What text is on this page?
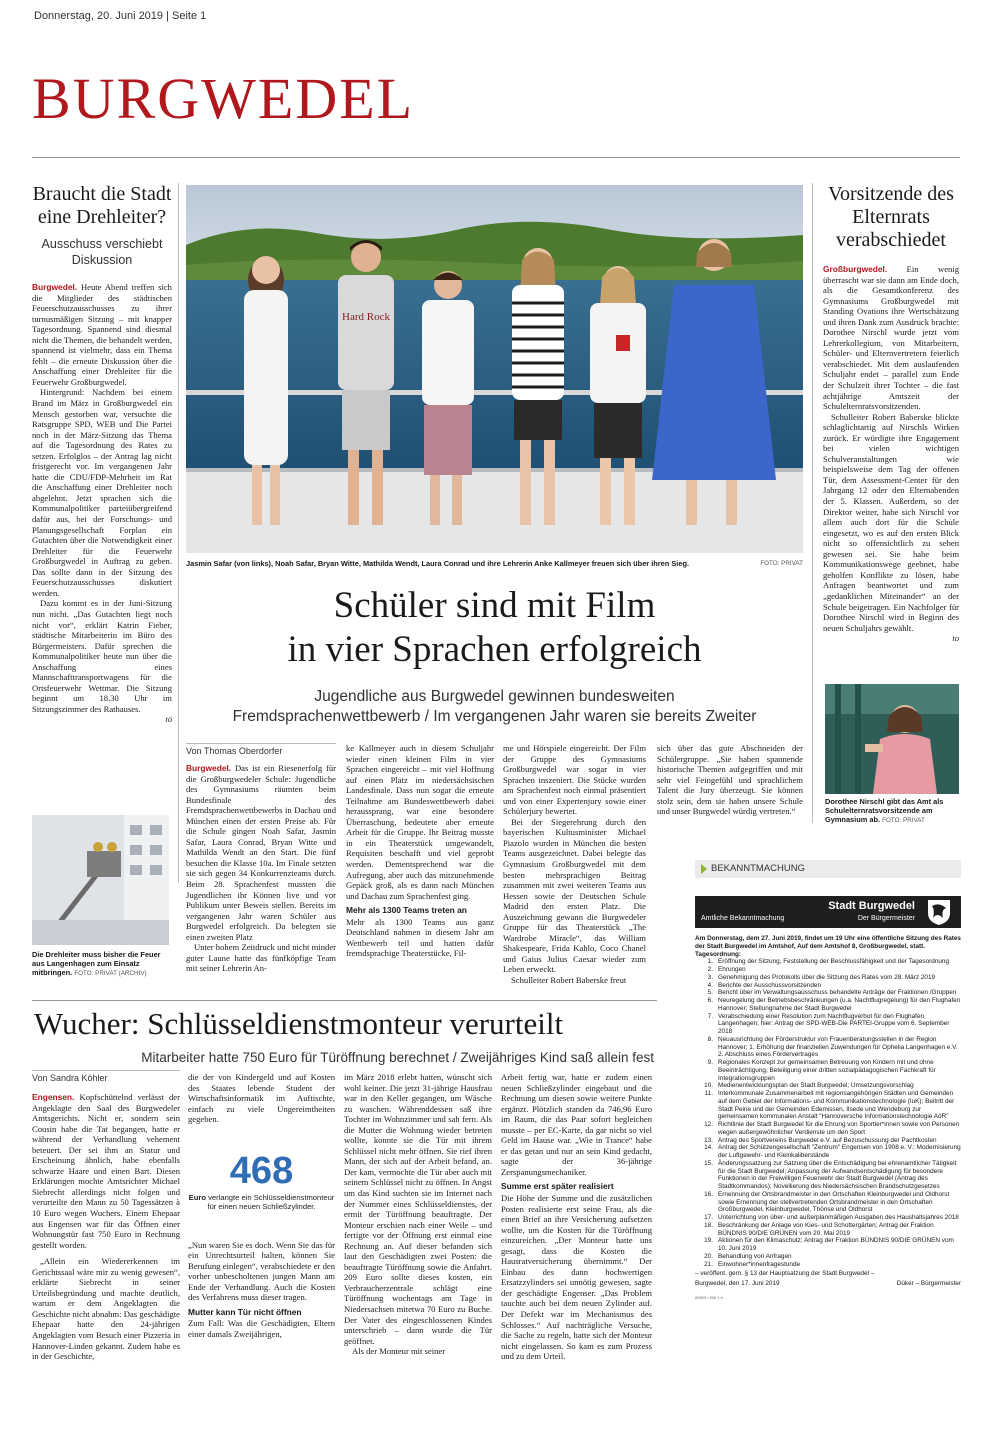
Donnerstag, 20. Juni 2019 | Seite 1
BURGWEDEL
Braucht die Stadt eine Drehleiter?
Ausschuss verschiebt Diskussion

Burgwedel. Heute Abend treffen sich die Mitglieder des städtischen Feuerschutzausschusses zu ihrer turnusmäßigen Sitzung – mit knapper Tagesordnung. Spannend sind diesmal nicht die Themen, die behandelt werden, spannend ist vielmehr, dass ein Thema fehlt – die erneute Diskussion über die Anschaffung einer Drehleiter für die Feuerwehr Großburgwedel.

Hintergrund: Nachdem bei einem Brand im März in Großburgwedel ein Mensch gestorben war, versuchte die Ratsgruppe SPD, WEB und Die Partei noch in der März-Sitzung das Thema auf die Tagesordnung des Rates zu setzen. Erfolglos – der Antrag lag nicht fristgerecht vor. Im vergangenen Jahr hatte die CDU/FDP-Mehrheit im Rat die Anschaffung einer Drehleiter noch abgelehnt. Jetzt sprachen sich die Kommunalpolitiker parteiübergreifend dafür aus, bei der Forschungs- und Planungsgesellschaft Forplan ein Gutachten über die Notwendigkeit einer Drehleiter für die Feuerwehr Großburgwedel in Auftrag zu geben. Das sollte dann in der Sitzung des Feuerschutzausschusses diskutiert werden.

Dazu kommt es in der Juni-Sitzung nun nicht. „Das Gutachten liegt noch nicht vor“, erklärt Katrin Fieber, städtische Mitarbeiterin im Büro des Bürgermeisters. Dafür sprechen die Kommunalpolitiker heute nun über die Anschaffung eines Mannschafttransportwagens für die Ortsfeuerwehr Wettmar. Die Sitzung beginnt um 18.30 Uhr im Sitzungszimmer des Rathauses.

tö
Die Drehleiter muss bisher die Feuer aus Langenhagen zum Einsatz mitbringen. FOTO: PRIVAT (ARCHIV)
Hard Rock
Jasmin Safar (von links), Noah Safar, Bryan Witte, Mathilda Wendt, Laura Conrad und ihre Lehrerin Anke Kallmeyer freuen sich über ihren Sieg.	FOTO: PRIVAT
Schüler sind mit Film
in vier Sprachen erfolgreich
Jugendliche aus Burgwedel gewinnen bundesweiten
Fremdsprachenwettbewerb / Im vergangenen Jahr waren sie bereits Zweiter
Von Thomas Oberdorfer

Burgwedel. Das ist ein Riesenerfolg für die Großburgwedeler Schule: Jugendliche des Gymnasiums räumten beim Bundesfinale des Fremdsprachenwettbewerbs in Dachau und München einen der ersten Preise ab. Für die Schule gingen Noah Safar, Jasmin Safar, Laura Conrad, Bryan Witte und Mathilda Wendt an den Start. Die fünf besuchen die Klasse 10a. Im Finale setzten sie sich gegen 34 Konkurrenzteams durch. Beim 28. Sprachenfest mussten die Jugendlichen ihr Können live und vor Publikum unter Beweis stellen. Bereits im vergangenen Jahr waren Schüler aus Burgwedel erfolgreich. Da belegten sie einen zweiten Platz

Unter hohem Zeitdruck und nicht minder guter Laune hatte das fünfköpfige Team mit seiner Lehrerin An-

ke Kallmeyer auch in diesem Schuljahr wieder einen kleinen Film in vier Sprachen eingereicht – mit viel Hoffnung auf einen Platz im niedersächsischen Landesfinale. Dass nun sogar die erneute Teilnahme am Bundeswettbewerb dabei heraussprang, war eine besondere Überraschung, bedeutete aber erneute Arbeit für die Gruppe. Ihr Beitrag musste in ein Theaterstück umgewandelt, Requisiten beschafft und viel geprobt werden. Dementsprechend war die Aufregung, aber auch das mitzunehmende Gepäck groß, als es dann nach München und Dachau zum Sprachenfest ging.

Mehr als 1300 Teams treten an

Mehr als 1300 Teams aus ganz Deutschland nahmen in diesem Jahr am Wettbewerb teil und hatten dafür fremdsprachige Theaterstücke, Fil-

me und Hörspiele eingereicht. Der Film der Gruppe des Gymnasiums Großburgwedel war sogar in vier Sprachen inszeniert. Die Stücke wurden am Sprachenfest noch einmal präsentiert und von einer Expertenjury sowie einer Schülerjury bewertet.

Bei der Siegerehrung durch den bayerischen Kultusminister Michael Piazolo wurden in München die besten Teams ausgezeichnet. Dabei belegte das Gymnasium Großburgwedel mit dem besten mehrsprachigen Beitrag zusammen mit zwei weiteren Teams aus Hessen sowie der Deutschen Schule Madrid den ersten Platz. Die Auszeichnung gewann die Burgwedeler Gruppe für das Theaterstück „The Wardrobe Miracle“, das William Shakespeare, Frida Kahlo, Coco Chanel und Gaius Julius Caesar wieder zum Leben erweckt.

Schulleiter Robert Baberske freut

sich über das gute Abschneiden der Schülergruppe. „Sie haben spannende historische Themen aufgegriffen und mit sehr viel Feingefühl und sprachlichem Talent die Jury überzeugt. Sie können stolz sein, dem sie haben unsere Schule und unser Burgwedel würdig vertreten.“

Vorsitzende des Elternrats verabschiedet

Großburgwedel. Ein wenig überrascht war sie dann am Ende doch, als die Gesamtkonferenz des Gymnasiums Großburgwedel mit Standing Ovations ihre Wertschätzung und ihren Dank zum Ausdruck brachte: Dorothee Nirschl wurde jetzt vom Lehrerkollegium, von Mitarbeitern, Schüler- und Elternvertretern feierlich verabschiedet. Mit dem auslaufenden Schuljahr endet – parallel zum Ende der Schulzeit ihrer Tochter – die fast achtjährige Amtszeit der Schulelternratsvorsitzenden.

Schulleiter Robert Baberske blickte schlaglichtartig auf Nirschls Wirken zurück. Er würdigte ihre Engagement bei vielen wichtigen Schulveranstaltungen wie beispielsweise dem Tag der offenen Tür, dem Assessment-Center für den Jahrgang 12 oder den Elternabenden der 5. Klassen. Außerdem, so der Direktor weiter, habe sich Nirschl vor allem auch dort für die Schule eingesetzt, wo es auf den ersten Blick nicht so offensichtlich zu sehen gewesen sei. Sie habe beim Kommunikationswege geebnet, habe geholfen Konflikte zu lösen, habe Anfragen beantwortet und zum „gedanklichen Miteinander“ an der Schule beigetragen. Ein Nachfolger für Dorothee Nirschl wird in Beginn des neuen Schuljahrs gewählt.

to
Dorothee Nirschl gibt das Amt als Schulelternratsvorsitzende am Gymnasium ab. FOTO: PRIVAT
Wucher: Schlüsseldienstmonteur verurteilt
Mitarbeiter hatte 750 Euro für Türöffnung berechnet / Zweijähriges Kind saß allein fest
Von Sandra Köhler

Engensen. Kopfschüttelnd verlässt der Angeklagte den Saal des Burgwedeler Amtsgerichts. Nicht er, sondern sein Cousin habe die Tat begangen, hatte er während der Verhandlung vehement beteuert. Der sei ihm an Statur und Erscheinung ähnlich, habe ebenfalls schwarze Haare und einen Bart. Diesen Erklärungen mochte Amtsrichter Michael Siebrecht allerdings nicht folgen und verurteilte den Mann zu 50 Tagessätzen à 10 Euro wegen Wuchers. Einem Ehepaar aus Engensen war für das Öffnen einer Wohnungstür fast 750 Euro in Rechnung gestellt worden.

„Allein ein Wiedererkennen im Gerichtssaal wäre mir zu wenig gewesen“, erklärte Siebrecht in seiner Urteilsbegründung und machte deutlich, warum er dem Angeklagten die Geschichte nicht abnahm: Das geschädigte Ehepaar hatte den 24-jährigen Angeklagten vom Besuch einer Pizzeria in Hannover-Linden gekannt. Zudem habe es in der Geschichte,

die der von Kindergeld und auf Kosten des Staates lebende Student der Wirtschaftsinformatik im Auftischte, einfach zu viele Ungereimtheiten gegeben.

468
Euro verlangte ein Schlüsseldienstmonteur für einen neuen Schließzylinder.

„Nun waren Sie es doch. Wenn Sie das für ein Unrechtsurteil halten, können Sie Berufung einlegen“, verabschiedete er den vorher unbescholtenen jungen Mann am Ende der Verhandlung. Auch die Kosten des Verfahrens muss dieser tragen.

Mutter kann Tür nicht öffnen

Zum Fall: Was die Geschädigten, Eltern einer damals Zweijährigen,

im März 2018 erlebt hatten, wünscht sich wohl keiner. Die jetzt 31-jährige Hausfrau war in den Keller gegangen, um Wäsche zu waschen. Währenddessen saß ihre Tochter im Wohnzimmer und sah fern. Als die Mutter die Wohnung wieder betreten wollte, konnte sie die Tür mit ihrem Schlüssel nicht mehr öffnen. Sie rief ihren Mann, der sich auf der Arbeit befand, an. Der kam, vermochte die Tür aber auch mit seinem Schlüssel nicht zu öffnen. In Angst um das Kind suchten sie im Internet nach der Nummer eines Schlüsseldienstes, der ermit der Türöffnung beauftragte. Der Monteur erschien nach einer Weile – und fertigte vor der Öffnung erst einmal eine Rechnung an. Auf dieser befanden sich laut den Geschädigten zwei Posten: die beauftragte Türöffnung sowie die Anfahrt. 209 Euro sollte dieses kosten, ein Verbraucherzentrale schlägt eine Türöffnung wochentags am Tage in Niedersachsen mitetwa 70 Euro zu Buche. Der Vater des eingeschlossenen Kindes unterschrieb – dann wurde die Tür geöffnet.

Als der Monteur mit seiner

Arbeit fertig war, hatte er zudem einen neuen Schließzylinder eingebaut und die Rechnung um diesen sowie weitere Punkte ergänzt. Plötzlich standen da 746,96 Euro im Raum, die das Paar sofort begleichen musste – per EC-Karte, da gar nicht so viel Geld im Hause war. „Wie in Trance“ habe er das getan und nur an sein Kind gedacht, sagte der 36-jährige Zerspanungsmechaniker.

Summe erst später realisiert

Die Höhe der Summe und die zusätzlichen Posten realisierte erst seine Frau, als die einen Brief an ihre Versicherung aufsetzen wollte, um die Kosten für die Türöffnung einzureichen. „Der Monteur hatte uns gesagt, dass die Kosten die Hausratversicherung übernimmt.“ Der Einbau des dann hochwertigen Ersatzzylinders sei unnötig gewesen, sagte der geschädigte Engenser. „Das Problem tauchte auch bei dem neuen Zylinder auf. Der Defekt war im Mechanismus des Schlosses.“ Auf nachträgliche Versuche, die Sache zu regeln, hatte sich der Monteur nicht eingelassen. So kam es zum Prozess und zu dem Urteil.

BEKANNTMACHUNG
Amtliche Bekanntmachung
Stadt Burgwedel
Der Bürgermeister
Am Donnerstag, dem 27. Juni 2019, findet um 19 Uhr eine öffentliche Sitzung des Rates der Stadt Burgwedel im Amtshof, Auf dem Amtshof 8, Großburgwedel, statt.
Tagesordnung:
1. Eröffnung der Sitzung, Feststellung der Beschlussfähigkeit und der Tagesordnung
2. Ehrungen
3. Genehmigung des Protokolls über die Sitzung des Rates vom 28. März 2019
4. Berichte der Ausschussvorsitzenden
5. Bericht über im Verwaltungsausschuss behandelte Anträge der Fraktionen /Gruppen
6. Neuregelung der Betriebsbeschränkungen (u.a. Nachtflugregelung) für den Flughafen Hannover; Stellungnahme der Stadt Burgwedel
7. Verabschiedung einer Resolution zum Nachtflugverbot für den Flughafen Langenhagen; hier: Antrag der SPD-WEB-Die PARTEI-Gruppe vom 6. September 2018
8. Neuausrichtung der Förderstruktur von Frauenberatungsstellen in der Region Hannover; 1. Erhöhung der finanziellen Zuwendungen für Ophelia Langenhagen e.V. 2. Abschluss eines Fördervertrages
9. Regionales Konzept zur gemeinsamen Betreuung von Kindern mit und ohne Beeinträchtigung; Beteiligung einer dritten sozialpädagogischen Fachkraft für Integrationsgruppen
10. Medienentwicklungsplan der Stadt Burgwedel; Umsetzungsvorschlag
11. Interkommunale Zusammenarbeit mit regionsangehörigen Städten und Gemeinden auf dem Gebiet der Informations- und Kommunikationstechnologie (IuK); Beitritt der Stadt Peine und der Gemeinden Edemissen, Ilsede und Wendeburg zur gemeinsamen kommunalen Anstalt "Hannoversche Informationstechnologie AöR"
12. Richtlinie der Stadt Burgwedel für die Ehrung von Sportler*innen sowie von Personen wegen außergewöhnlicher Verdienste um den Sport
13. Antrag des Sportvereins Burgwedel e.V. auf Bezuschussung der Pachtkosten
14. Antrag der Schützengesellschaft "Zentrum" Engensen von 1908 e. V.; Modernisierung der Luftgewehr- und Kleinkaliberstände
15. Änderungssatzung zur Satzung über die Entschädigung bei ehrenamtlicher Tätigkeit für die Stadt Burgwedel; Anpassung der Aufwandsentschädigung für besondere Funktionen in der Freiwilligen Feuerwehr der Stadt Burgwedel (Antrag des Stadtkommandos); Novellierung des Niedersächsischen Brandschutzgesetzes
16. Ernennung der Ortsbrandmeister in den Ortschaften Kleinburgwedel und Oldhorst sowie Ernennung der stellvertretenden Ortsbrandmeister in den Ortschaften Großburgwedel, Kleinburgwedel, Thönse und Oldhorst
17. Unterrichtung von über- und außerplanmäßigen Ausgaben des Haushaltsjahres 2018
18. Beschränkung der Anlage von Kies- und Schottergärten; Antrag der Fraktion BÜNDNIS 90/DIE GRÜNEN vom 20. Mai 2019
19. Aktionen für den Klimaschutz; Antrag der Fraktion BÜNDNIS 90/DIE GRÜNEN vom 10. Juni 2019
20. Behandlung von Anfragen
21. Einwohner*innenfragestunde
– veröffent. gem. § 13 der Hauptsatzung der Stadt Burgwedel –
Burgwedel, den 17. Juni 2019	Düker – Bürgermeister
83903 / 20b 1 b
